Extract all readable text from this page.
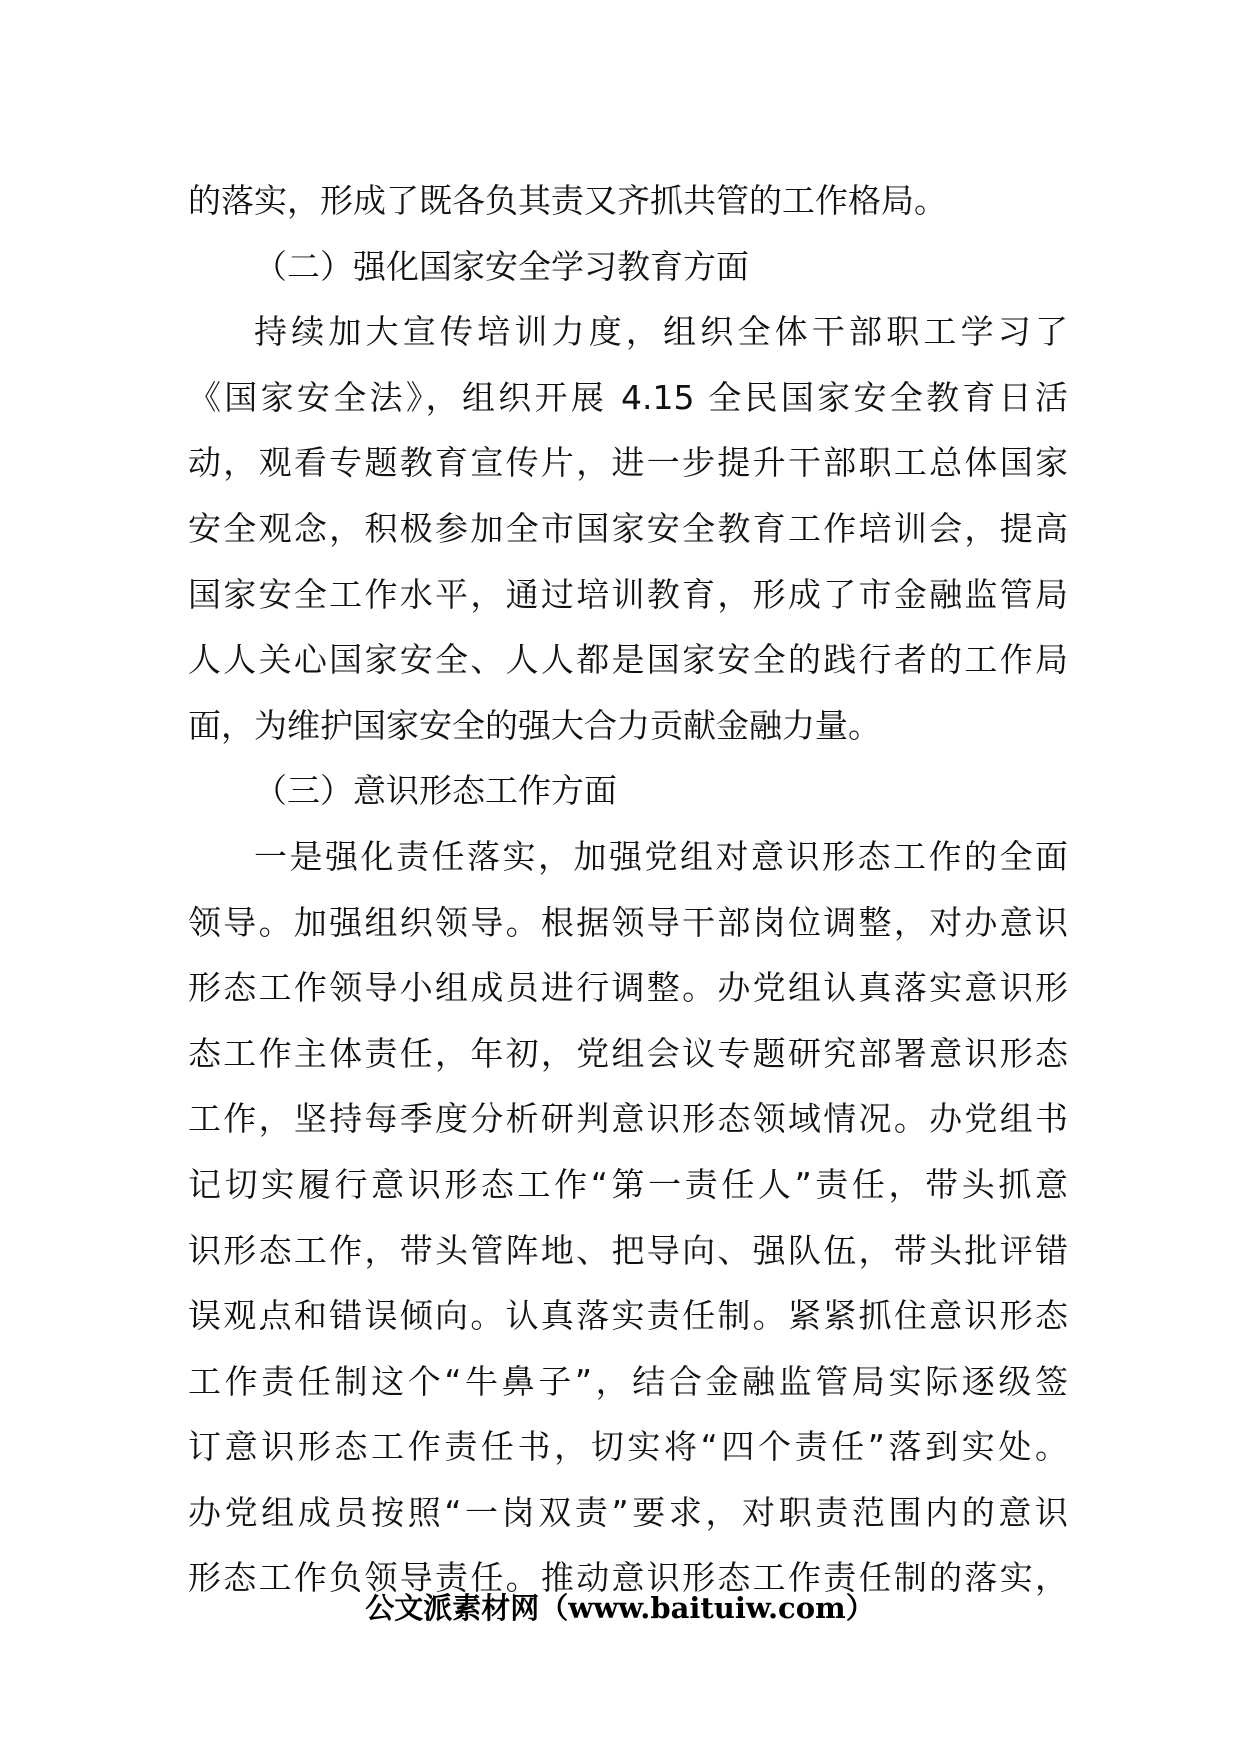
的落实，形成了既各负其责又齐抓共管的工作格局。
（二）强化国家安全学习教育方面
持续加大宣传培训力度，组织全体干部职工学习了
《国家安全法》，组织开展 4.15 全民国家安全教育日活
动，观看专题教育宣传片，进一步提升干部职工总体国家
安全观念，积极参加全市国家安全教育工作培训会，提高
国家安全工作水平，通过培训教育，形成了市金融监管局
人人关心国家安全、人人都是国家安全的践行者的工作局
面，为维护国家安全的强大合力贡献金融力量。
（三）意识形态工作方面
一是强化责任落实，加强党组对意识形态工作的全面
领导。加强组织领导。根据领导干部岗位调整，对办意识
形态工作领导小组成员进行调整。办党组认真落实意识形
态工作主体责任，年初，党组会议专题研究部署意识形态
工作，坚持每季度分析研判意识形态领域情况。办党组书
记切实履行意识形态工作“第一责任人”责任，带头抓意
识形态工作，带头管阵地、把导向、强队伍，带头批评错
误观点和错误倾向。认真落实责任制。紧紧抓住意识形态
工作责任制这个“牛鼻子”，结合金融监管局实际逐级签
订意识形态工作责任书，切实将“四个责任”落到实处。
办党组成员按照“一岗双责”要求，对职责范围内的意识
形态工作负领导责任。推动意识形态工作责任制的落实，
公文派素材网（www.baituiw.com）
